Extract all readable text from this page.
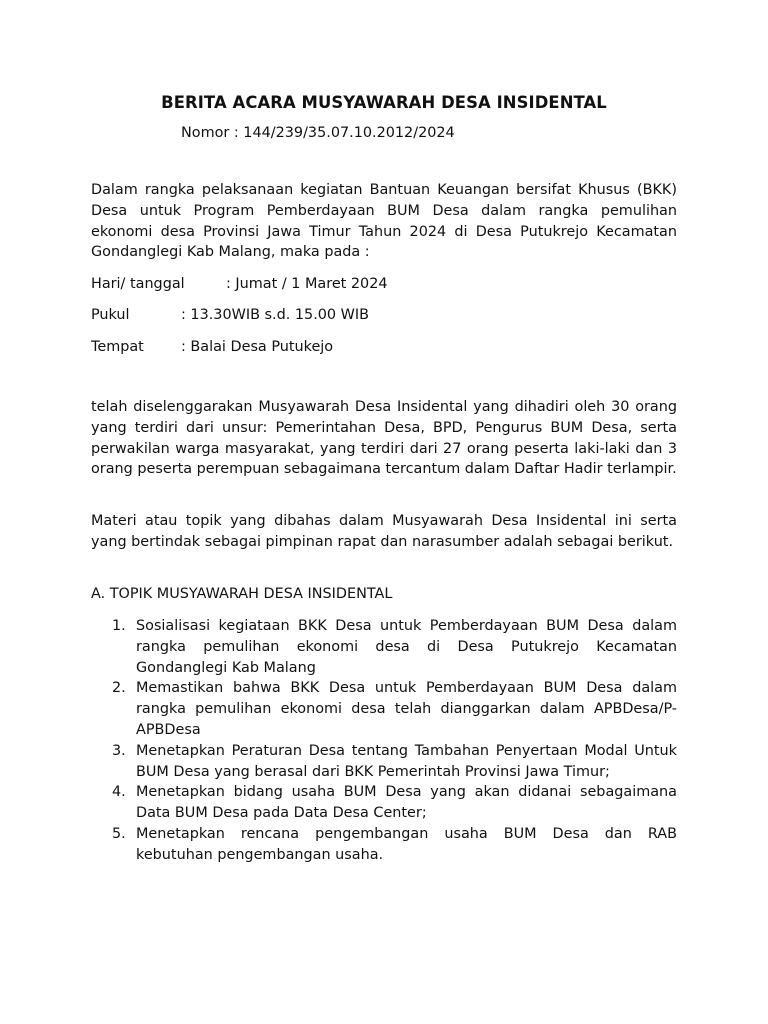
BERITA ACARA MUSYAWARAH DESA INSIDENTAL
Nomor : 144/239/35.07.10.2012/2024
Dalam rangka pelaksanaan kegiatan Bantuan Keuangan bersifat Khusus (BKK) Desa untuk Program Pemberdayaan BUM Desa dalam rangka pemulihan ekonomi desa Provinsi Jawa Timur Tahun 2024 di Desa Putukrejo Kecamatan Gondanglegi Kab Malang, maka pada :
Hari/ tanggal	: Jumat / 1 Maret 2024
Pukul	: 13.30WIB s.d. 15.00 WIB
Tempat	: Balai Desa Putukejo
telah diselenggarakan Musyawarah Desa Insidental yang dihadiri oleh 30 orang yang terdiri dari unsur: Pemerintahan Desa, BPD, Pengurus BUM Desa, serta perwakilan warga masyarakat, yang terdiri dari 27 orang peserta laki-laki dan 3 orang peserta perempuan sebagaimana tercantum dalam Daftar Hadir terlampir.
Materi atau topik yang dibahas dalam Musyawarah Desa Insidental ini serta yang bertindak sebagai pimpinan rapat dan narasumber adalah sebagai berikut.
A. TOPIK MUSYAWARAH DESA INSIDENTAL
1. Sosialisasi kegiataan BKK Desa untuk Pemberdayaan BUM Desa dalam rangka pemulihan ekonomi desa di Desa Putukrejo Kecamatan Gondanglegi Kab Malang
2. Memastikan bahwa BKK Desa untuk Pemberdayaan BUM Desa dalam rangka pemulihan ekonomi desa telah dianggarkan dalam APBDesa/P-APBDesa
3. Menetapkan Peraturan Desa tentang Tambahan Penyertaan Modal Untuk BUM Desa yang berasal dari BKK Pemerintah Provinsi Jawa Timur;
4. Menetapkan bidang usaha BUM Desa yang akan didanai sebagaimana Data BUM Desa pada Data Desa Center;
5. Menetapkan rencana pengembangan usaha BUM Desa dan RAB kebutuhan pengembangan usaha.
